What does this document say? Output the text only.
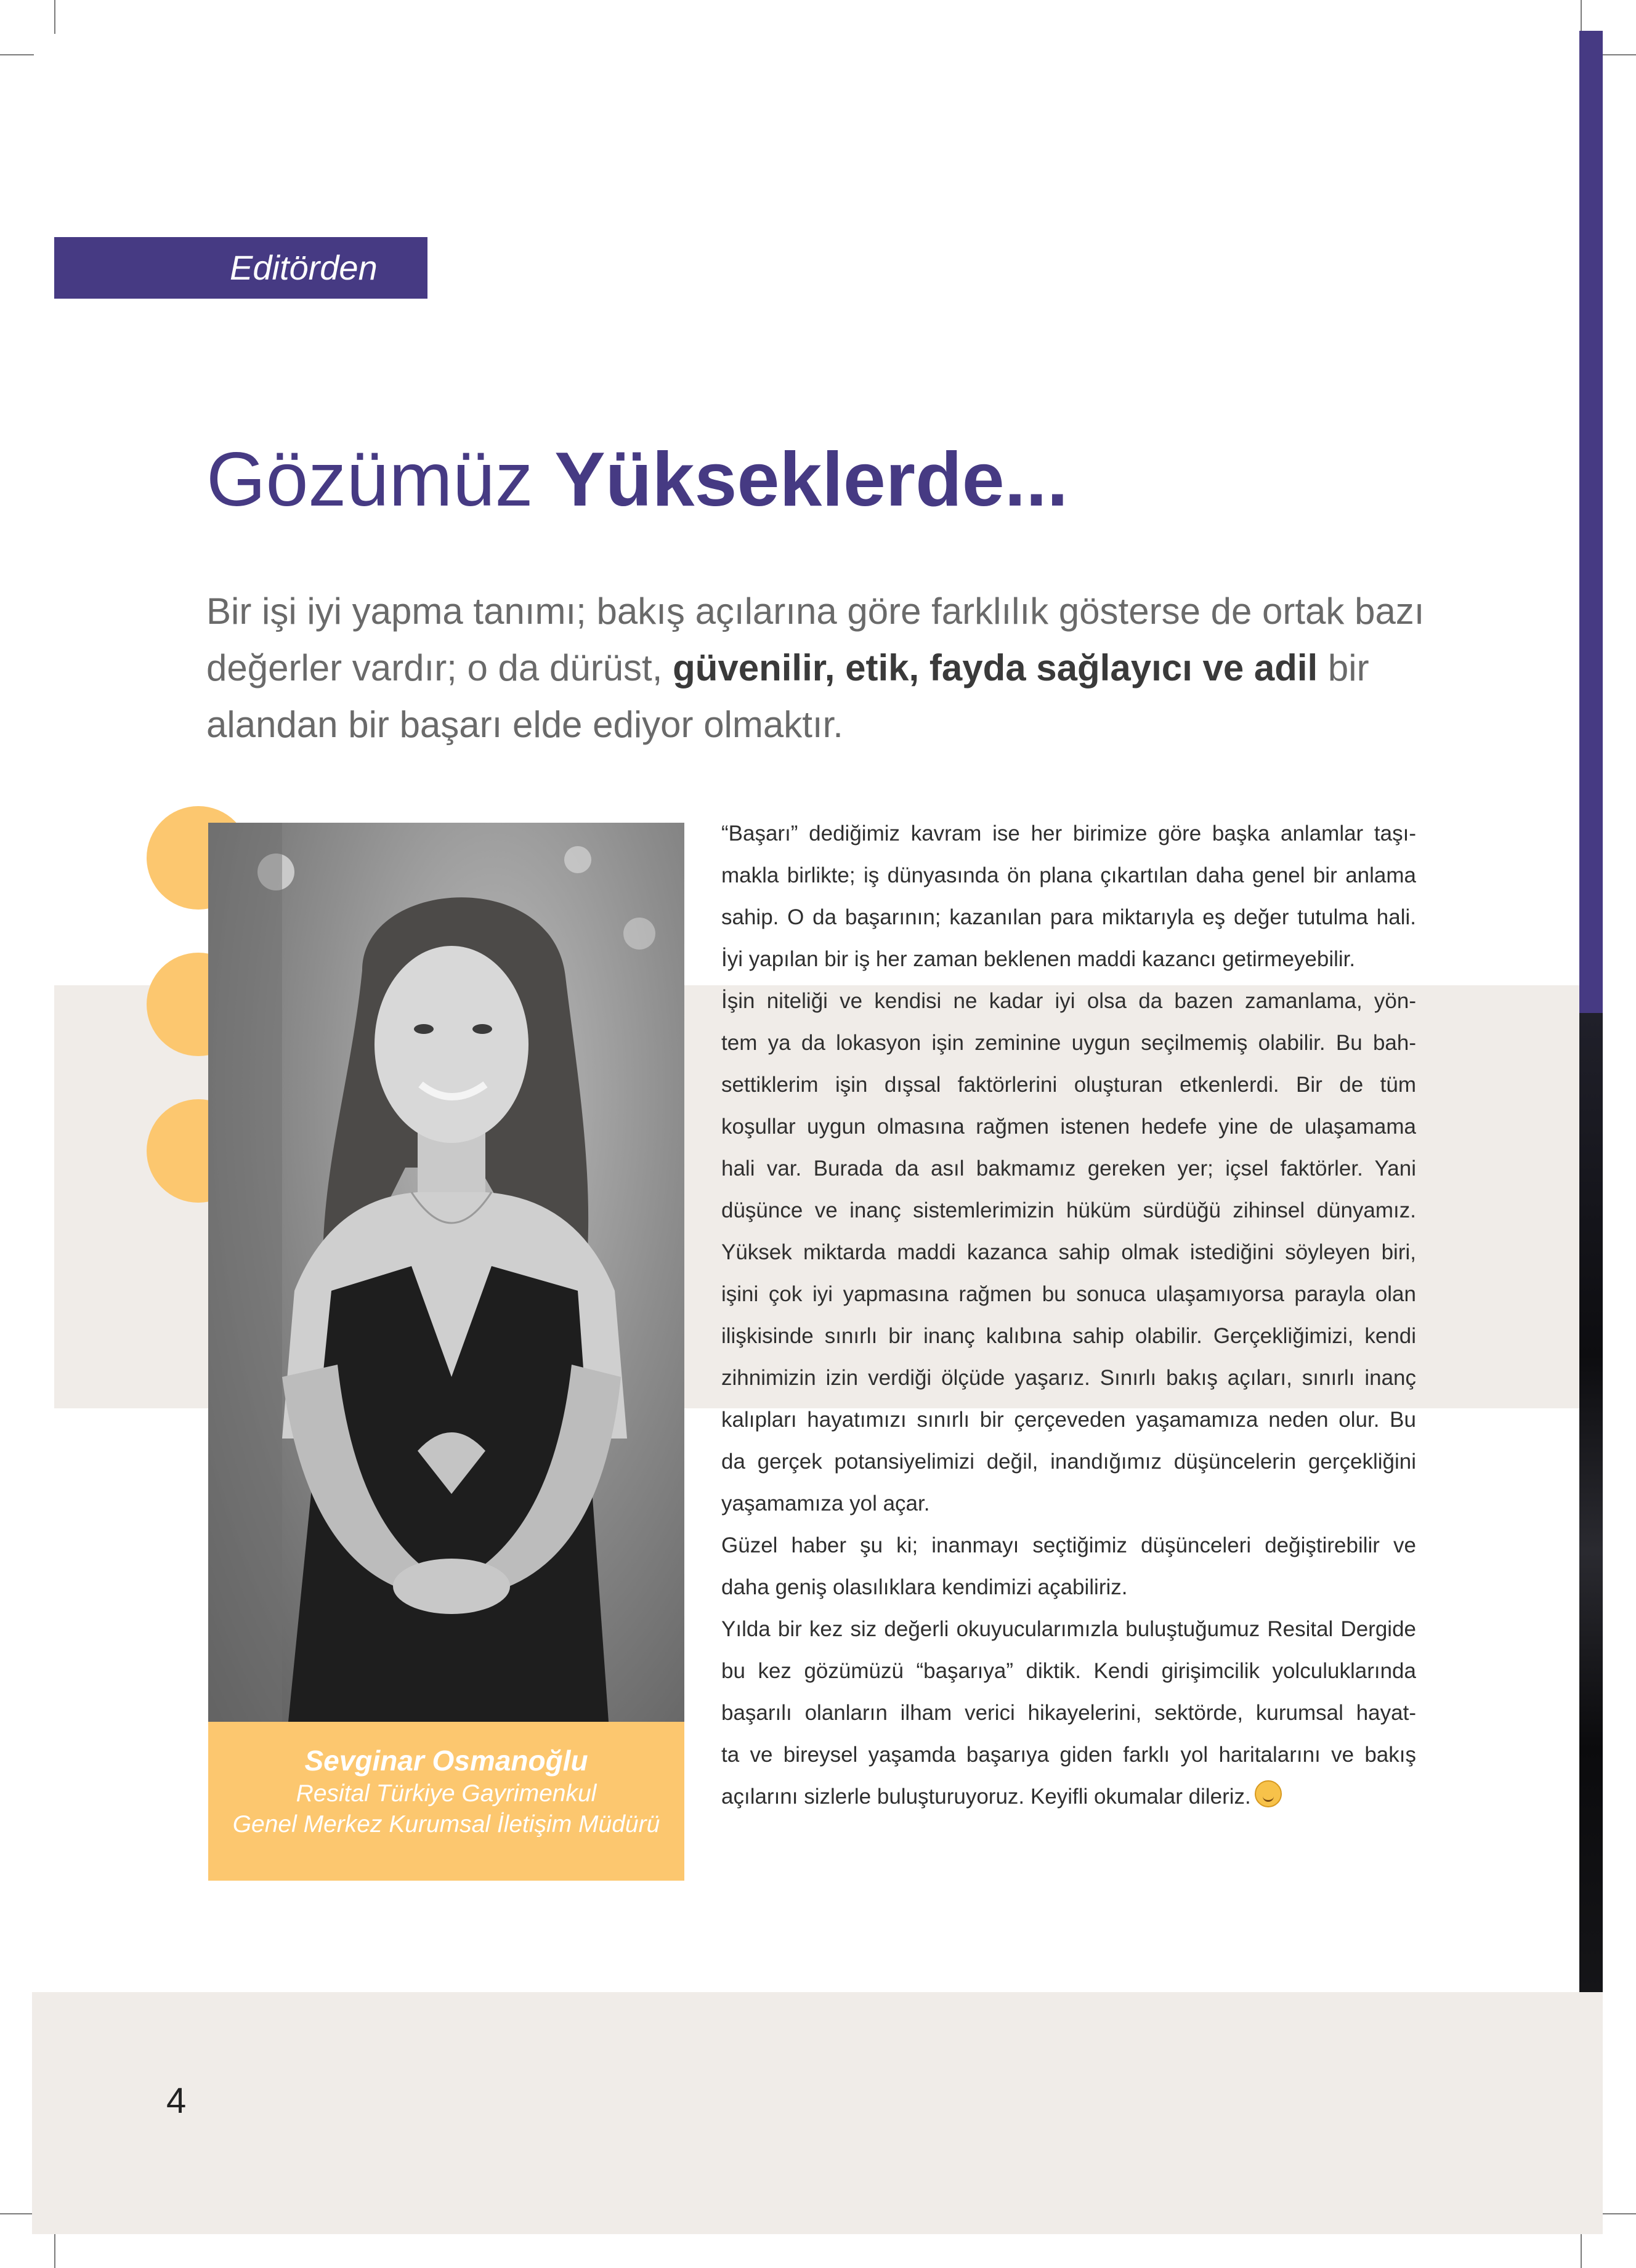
Editörden
Gözümüz Yükseklerde...
Bir işi iyi yapma tanımı; bakış açılarına göre farklılık gösterse de ortak bazı
değerler vardır; o da dürüst, güvenilir, etik, fayda sağlayıcı ve adil bir
alandan bir başarı elde ediyor olmaktır.
Sevginar Osmanoğlu
Resital Türkiye Gayrimenkul
Genel Merkez Kurumsal İletişim Müdürü
“Başarı” dediğimiz kavram ise her birimize göre başka anlamlar taşı-
makla birlikte; iş dünyasında ön plana çıkartılan daha genel bir anlama
sahip. O da başarının; kazanılan para miktarıyla eş değer tutulma hali.
İyi yapılan bir iş her zaman beklenen maddi kazancı getirmeyebilir.
İşin niteliği ve kendisi ne kadar iyi olsa da bazen zamanlama, yön-
tem ya da lokasyon işin zeminine uygun seçilmemiş olabilir. Bu bah-
settiklerim işin dışsal faktörlerini oluşturan etkenlerdi. Bir de tüm
koşullar uygun olmasına rağmen istenen hedefe yine de ulaşamama
hali var. Burada da asıl bakmamız gereken yer; içsel faktörler. Yani
düşünce ve inanç sistemlerimizin hüküm sürdüğü zihinsel dünyamız.
Yüksek miktarda maddi kazanca sahip olmak istediğini söyleyen biri,
işini çok iyi yapmasına rağmen bu sonuca ulaşamıyorsa parayla olan
ilişkisinde sınırlı bir inanç kalıbına sahip olabilir. Gerçekliğimizi, kendi
zihnimizin izin verdiği ölçüde yaşarız. Sınırlı bakış açıları, sınırlı inanç
kalıpları hayatımızı sınırlı bir çerçeveden yaşamamıza neden olur. Bu
da gerçek potansiyelimizi değil, inandığımız düşüncelerin gerçekliğini
yaşamamıza yol açar.
Güzel haber şu ki; inanmayı seçtiğimiz düşünceleri değiştirebilir ve
daha geniş olasılıklara kendimizi açabiliriz.
Yılda bir kez siz değerli okuyucularımızla buluştuğumuz Resital Dergide
bu kez gözümüzü “başarıya” diktik. Kendi girişimcilik yolculuklarında
başarılı olanların ilham verici hikayelerini, sektörde, kurumsal hayat-
ta ve bireysel yaşamda başarıya giden farklı yol haritalarını ve bakış
açılarını sizlerle buluşturuyoruz. Keyifli okumalar dileriz.
4
